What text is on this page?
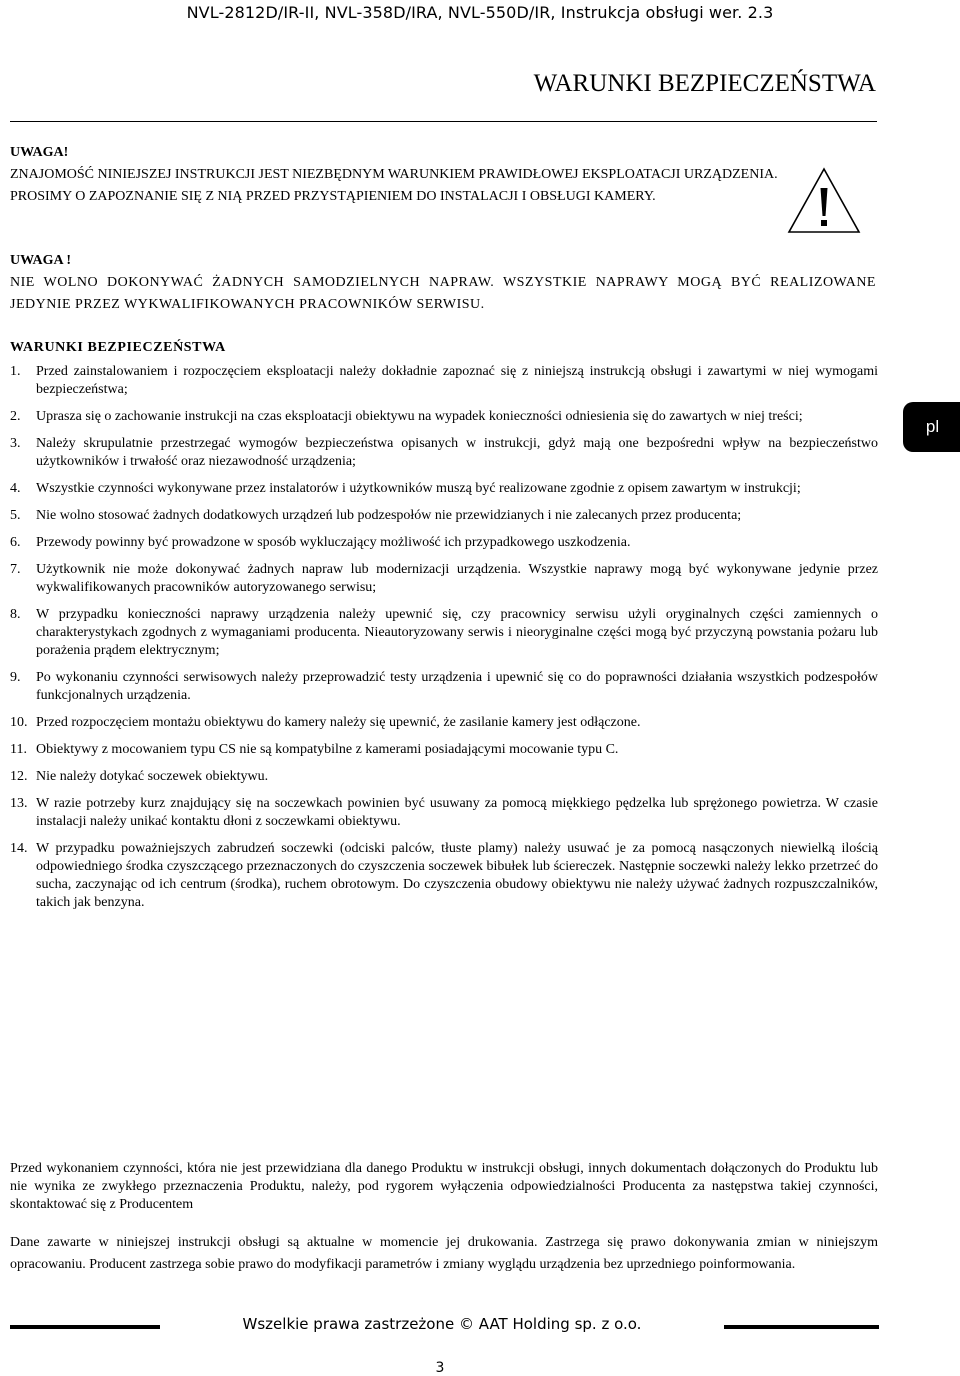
NVL-2812D/IR-II, NVL-358D/IRA, NVL-550D/IR, Instrukcja obsługi wer. 2.3
WARUNKI BEZPIECZEŃSTWA
UWAGA!
ZNAJOMOŚĆ NINIEJSZEJ INSTRUKCJI JEST NIEZBĘDNYM WARUNKIEM PRAWIDŁOWEJ EKSPLOATACJI URZĄDZENIA.
PROSIMY O ZAPOZNANIE SIĘ Z NIĄ PRZED PRZYSTĄPIENIEM DO INSTALACJI I OBSŁUGI KAMERY.
UWAGA !
NIE WOLNO DOKONYWAĆ ŻADNYCH SAMODZIELNYCH NAPRAW. WSZYSTKIE NAPRAWY MOGĄ BYĆ REALIZOWANE JEDYNIE PRZEZ WYKWALIFIKOWANYCH PRACOWNIKÓW SERWISU.
WARUNKI BEZPIECZEŃSTWA
1. Przed zainstalowaniem i rozpoczęciem eksploatacji należy dokładnie zapoznać się z niniejszą instrukcją obsługi i zawartymi w niej wymogami bezpieczeństwa;
2. Uprasza się o zachowanie instrukcji na czas eksploatacji obiektywu na wypadek konieczności odniesienia się do zawartych w niej treści;
3. Należy skrupulatnie przestrzegać wymogów bezpieczeństwa opisanych w instrukcji, gdyż mają one bezpośredni wpływ na bezpieczeństwo użytkowników i trwałość oraz niezawodność urządzenia;
4. Wszystkie czynności wykonywane przez instalatorów i użytkowników muszą być realizowane zgodnie z opisem zawartym w instrukcji;
5. Nie wolno stosować żadnych dodatkowych urządzeń lub podzespołów nie przewidzianych i nie zalecanych przez producenta;
6. Przewody powinny być prowadzone w sposób wykluczający możliwość ich przypadkowego uszkodzenia.
7. Użytkownik nie może dokonywać żadnych napraw lub modernizacji urządzenia. Wszystkie naprawy mogą być wykonywane jedynie przez wykwalifikowanych pracowników autoryzowanego serwisu;
8. W przypadku konieczności naprawy urządzenia należy upewnić się, czy pracownicy serwisu użyli oryginalnych części zamiennych o charakterystykach zgodnych z wymaganiami producenta. Nieautoryzowany serwis i nieoryginalne części mogą być przyczyną powstania pożaru lub porażenia prądem elektrycznym;
9. Po wykonaniu czynności serwisowych należy przeprowadzić testy urządzenia i upewnić się co do poprawności działania wszystkich podzespołów funkcjonalnych urządzenia.
10. Przed rozpoczęciem montażu obiektywu do kamery należy się upewnić, że zasilanie kamery jest odłączone.
11. Obiektywy z mocowaniem typu CS nie są kompatybilne z kamerami posiadającymi mocowanie typu C.
12. Nie należy dotykać soczewek obiektywu.
13. W razie potrzeby kurz znajdujący się na soczewkach powinien być usuwany za pomocą miękkiego pędzelka lub sprężonego powietrza. W czasie instalacji należy unikać kontaktu dłoni z soczewkami obiektywu.
14. W przypadku poważniejszych zabrudzeń soczewki (odciski palców, tłuste plamy) należy usuwać je za pomocą nasączonych niewielką ilością odpowiedniego środka czyszczącego przeznaczonych do czyszczenia soczewek bibułek lub ściereczek. Następnie soczewki należy lekko przetrzeć do sucha, zaczynając od ich centrum (środka), ruchem obrotowym. Do czyszczenia obudowy obiektywu nie należy używać żadnych rozpuszczalników, takich jak benzyna.
pl

Przed wykonaniem czynności, która nie jest przewidziana dla danego Produktu w instrukcji obsługi, innych dokumentach dołączonych do Produktu lub nie wynika ze zwykłego przeznaczenia Produktu, należy, pod rygorem wyłączenia odpowiedzialności Producenta za następstwa takiej czynności, skontaktować się z Producentem

Dane zawarte w niniejszej instrukcji obsługi są aktualne w momencie jej drukowania. Zastrzega się prawo dokonywania zmian w niniejszym opracowaniu. Producent zastrzega sobie prawo do modyfikacji parametrów i zmiany wyglądu urządzenia bez uprzedniego poinformowania.

Wszelkie prawa zastrzeżone © AAT Holding sp. z o.o.
3
